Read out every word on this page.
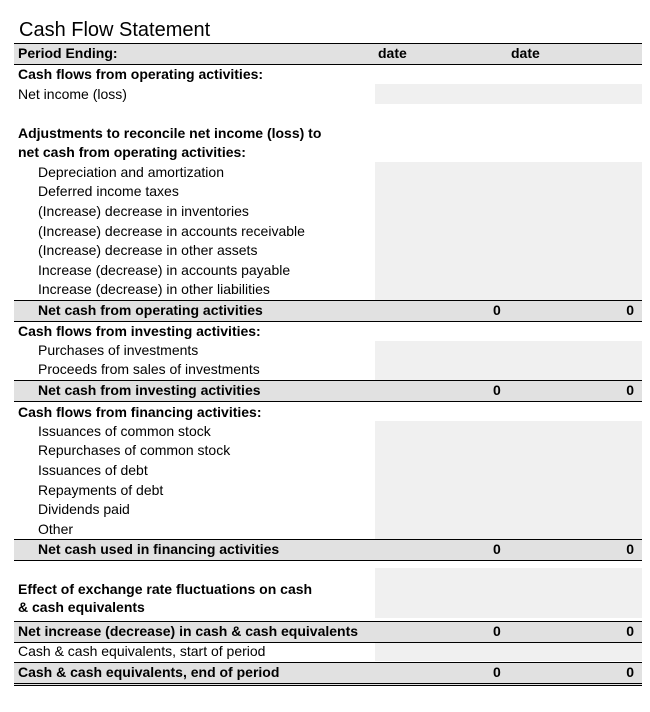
Cash Flow Statement
Period Ending:	date	date
Cash flows from operating activities:
Net income (loss)
Adjustments to reconcile net income (loss) to
net cash from operating activities:
Depreciation and amortization
Deferred income taxes
(Increase) decrease in inventories
(Increase) decrease in accounts receivable
(Increase) decrease in other assets
Increase (decrease) in accounts payable
Increase (decrease) in other liabilities
Net cash from operating activities	0	0
Cash flows from investing activities:
Purchases of investments
Proceeds from sales of investments
Net cash from investing activities	0	0
Cash flows from financing activities:
Issuances of common stock
Repurchases of common stock
Issuances of debt
Repayments of debt
Dividends paid
Other
Net cash used in financing activities	0	0
Effect of exchange rate fluctuations on cash
& cash equivalents
Net increase (decrease) in cash & cash equivalents	0	0
Cash & cash equivalents, start of period
Cash & cash equivalents, end of period	0	0
